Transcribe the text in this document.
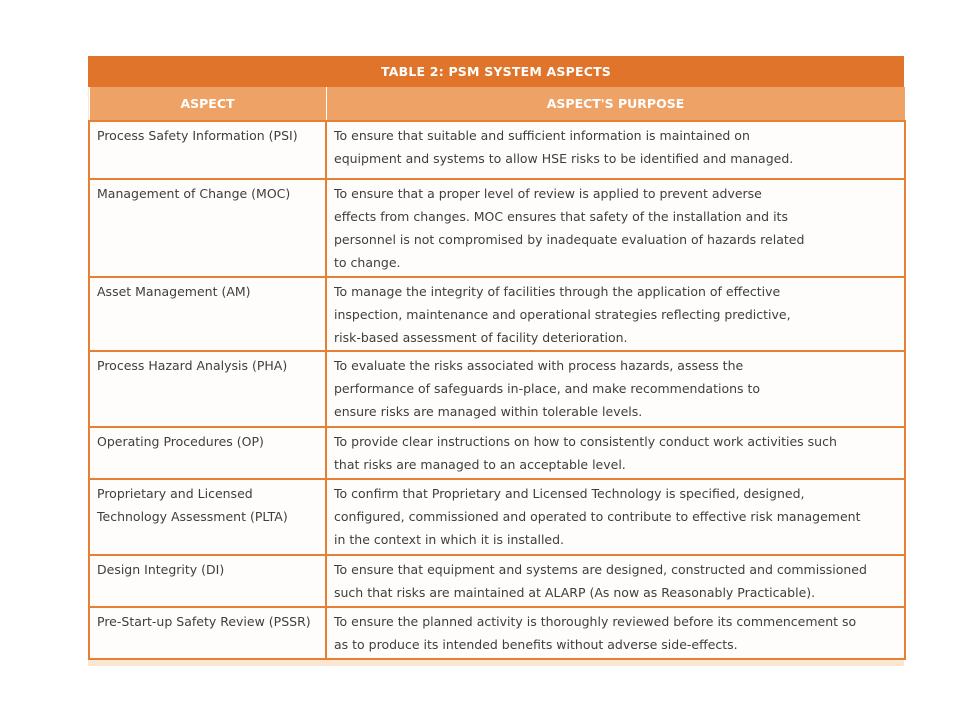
TABLE 2: PSM SYSTEM ASPECTS
ASPECT	ASPECT'S PURPOSE
Process Safety Information (PSI)	To ensure that suitable and sufficient information is maintained on
equipment and systems to allow HSE risks to be identified and managed.

Management of Change (MOC)	To ensure that a proper level of review is applied to prevent adverse
effects from changes. MOC ensures that safety of the installation and its
personnel is not compromised by inadequate evaluation of hazards related
to change.

Asset Management (AM)	To manage the integrity of facilities through the application of effective
inspection, maintenance and operational strategies reflecting predictive,
risk-based assessment of facility deterioration.

Process Hazard Analysis (PHA)	To evaluate the risks associated with process hazards, assess the
performance of safeguards in-place, and make recommendations to
ensure risks are managed within tolerable levels.

Operating Procedures (OP)	To provide clear instructions on how to consistently conduct work activities such
that risks are managed to an acceptable level.

Proprietary and Licensed
Technology Assessment (PLTA)	To confirm that Proprietary and Licensed Technology is specified, designed,
configured, commissioned and operated to contribute to effective risk management
in the context in which it is installed.

Design Integrity (DI)	To ensure that equipment and systems are designed, constructed and commissioned
such that risks are maintained at ALARP (As now as Reasonably Practicable).

Pre-Start-up Safety Review (PSSR)	To ensure the planned activity is thoroughly reviewed before its commencement so
as to produce its intended benefits without adverse side-effects.
